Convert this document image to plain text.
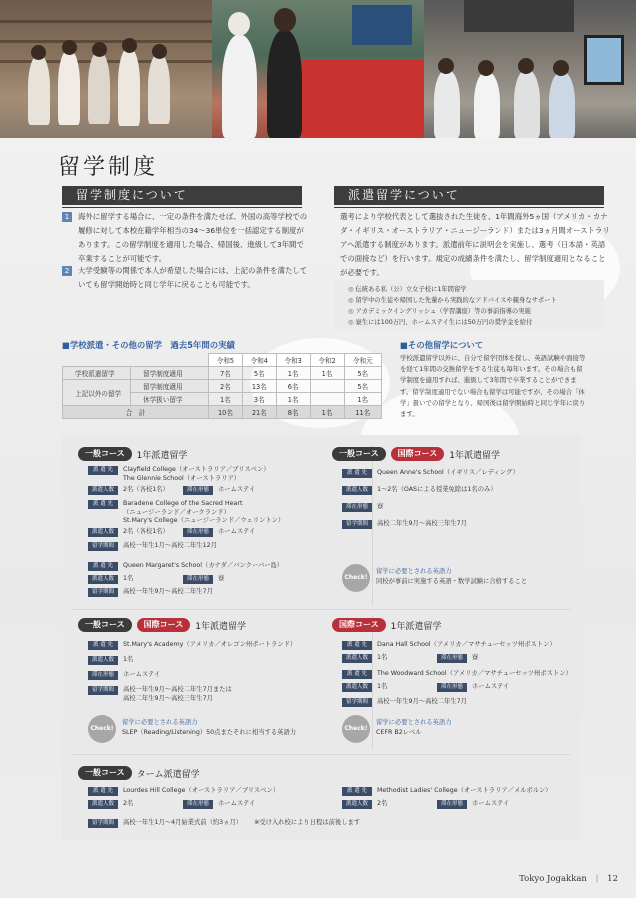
留学制度
留学制度について
1	海外に留学する場合に、一定の条件を満たせば、外国の高等学校での履修に対して本校在籍学年相当の34〜36単位を一括認定する制度があります。この留学制度を適用した場合、帰国後、進級して3年間で卒業することが可能です。
2	大学受験等の関係で本人が希望した場合には、上記の条件を満たしていても留学開始時と同じ学年に戻ることも可能です。
派遣留学について
選考により学校代表として選抜された生徒を、1年間海外5ヵ国（アメリカ・カナダ・イギリス・オーストラリア・ニュージーランド）または3ヵ月間オーストラリアへ派遣する制度があります。派遣前年に説明会を実施し、選考（日本語・英語での面接など）を行います。規定の成績条件を満たし、留学制度適用となることが必要です。
◎ 伝統ある私（公）立女子校に1年間留学
◎ 留学中の生徒や帰国した先輩から実践的なアドバイスや親身なサポート
◎ アカデミックイングリッシュ（学習講座）等の事前指導の実施
◎ 寮生には100万円、ホームステイ生には50万円の奨学金を給付
■学校派遣・その他の留学　過去5年間の実績
		令和5	令和4	令和3	令和2	令和元
学校派遣留学	留学制度適用	7名	5名	1名	1名	5名
上記以外の留学	留学制度適用	2名	13名	6名		5名
	休学扱い留学	1名	3名	1名		1名
合　計		10名	21名	8名	1名	11名
■その他留学について
学校派遣留学以外に、自分で留学団体を探し、英語試験や面接等を経て1年間の交換留学をする生徒も毎年います。その場合も留学制度を適用すれば、進級して3年間で卒業することができます。留学制度適用でない場合も留学は可能ですが、その場合「休学」扱いでの留学となり、帰国後は留学開始時と同じ学年に戻ります。
一般コース	1年派遣留学
派 遣 先	Clayfield College（オーストラリア／ブリスベン）
The Glennie School（オーストラリア）
派遣人数	2名（各校1名）	滞在形態	ホームステイ
派 遣 先	Baradene College of the Sacred Heart
（ニュージーランド／オークランド）
St.Mary's College（ニュージーランド／ウェリントン）
派遣人数	2名（各校1名）	滞在形態	ホームステイ
留学期間	高校一年生1月〜高校二年生12月
派 遣 先	Queen Margaret's School（カナダ／バンクーバー島）
派遣人数	1名	滞在形態	寮
留学期間	高校一年生9月〜高校二年生7月
一般コース	国際コース	1年派遣留学
派 遣 先	Queen Anne's School（イギリス／レディング）
派遣人数	1〜2名（OASによる授業免除は1名のみ）
滞在形態	寮
留学期間	高校二年生9月〜高校三年生7月
Check!
留学に必要とされる英語力
同校が事前に実施する英語・数学試験に合格すること
一般コース	国際コース	1年派遣留学
派 遣 先	St.Mary's Academy（アメリカ／オレゴン州ポートランド）
派遣人数	1名
滞在形態	ホームステイ
留学期間	高校一年生9月〜高校二年生7月または
高校二年生9月〜高校三年生7月
Check!
留学に必要とされる英語力
SLEP（Reading/Listening）50点またそれに相当する英語力
国際コース	1年派遣留学
派 遣 先	Dana Hall School（アメリカ／マサチューセッツ州ボストン）
派遣人数	1名	滞在形態	寮
派 遣 先	The Woodward School（アメリカ／マサチューセッツ州ボストン）
派遣人数	1名	滞在形態	ホームステイ
留学期間	高校一年生9月〜高校二年生7月
Check!
留学に必要とされる英語力
CEFR B2レベル
一般コース	ターム派遣留学
派 遣 先	Lourdes Hill College（オーストラリア／ブリスベン）
派遣人数	2名	滞在形態	ホームステイ
派 遣 先	Methodist Ladies' College（オーストラリア／メルボルン）
派遣人数	2名	滞在形態	ホームステイ
留学期間	高校一年生1月〜4月始業式前（約3ヵ月） ※受け入れ校により日程は前後します
Tokyo Jogakkan | 12
